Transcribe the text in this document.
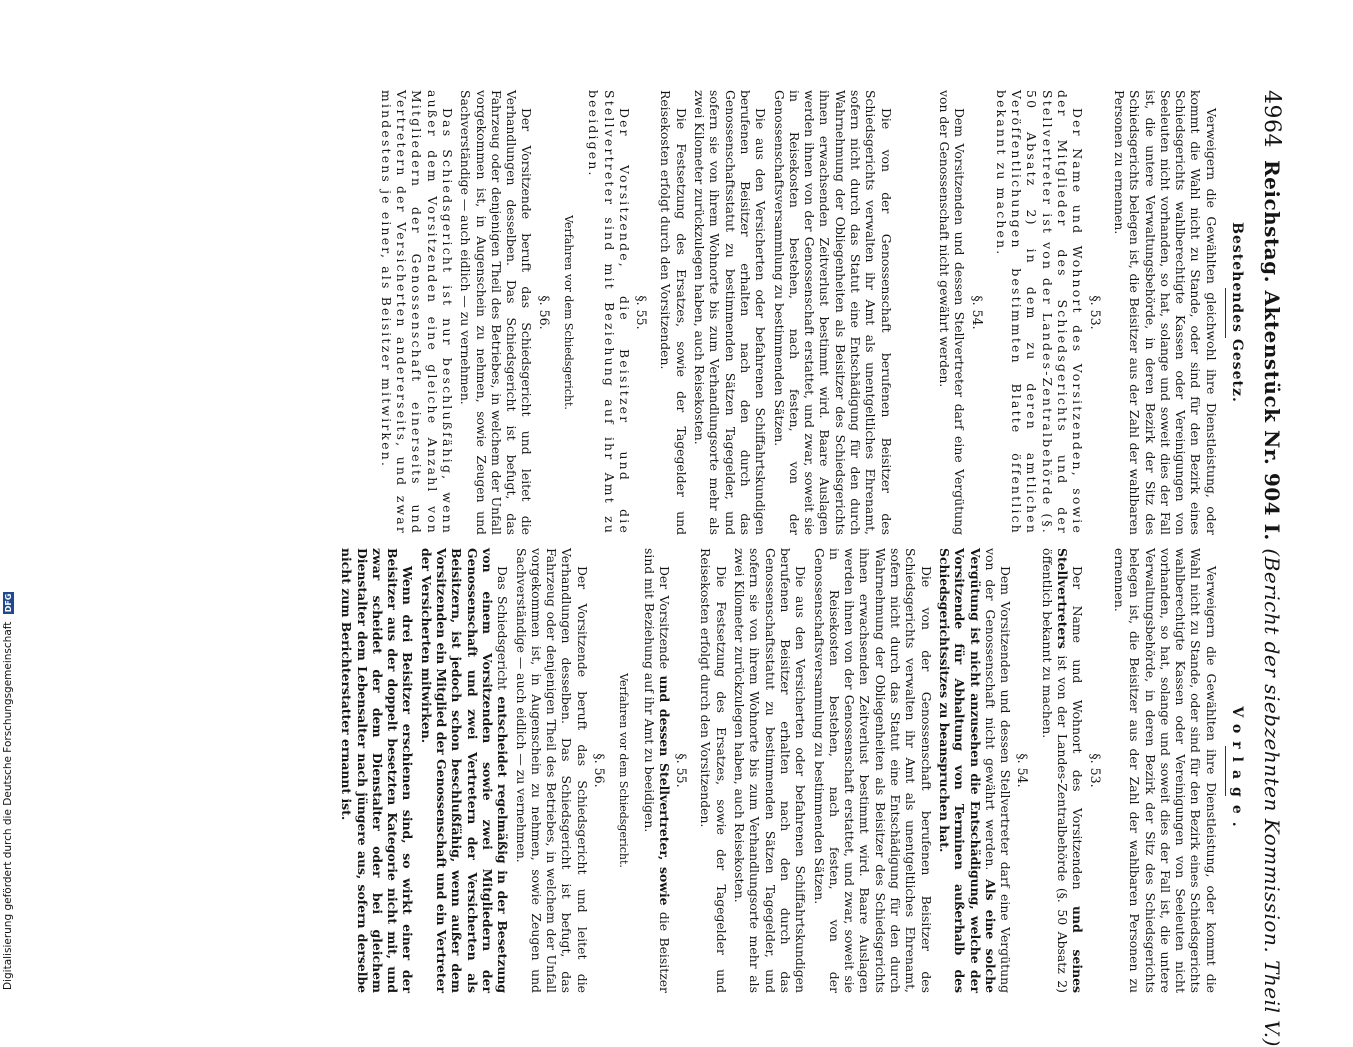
4964
Reichstag. Aktenstück Nr. 904 I. (Bericht der siebzehnten Kommission. Theil V.)
Bestehendes Gesetz.

Verweigern die Gewählten gleichwohl ihre Dienstleistung, oder kommt die Wahl nicht zu Stande, oder sind für den Bezirk eines Schiedsgerichts wahlberechtigte Kassen oder Vereinigungen von Seeleuten nicht vorhanden, so hat, solange und soweit dies der Fall ist, die untere Verwaltungsbehörde, in deren Bezirk der Sitz des Schiedsgerichts belegen ist, die Beisitzer aus der Zahl der wahlbaren Personen zu ernennen.

§. 53.

Der Name und Wohnort des Vorsitzenden, sowie der Mitglieder des Schiedsgerichts und der Stellvertreter ist von der Landes-Zentralbehörde (§. 50 Absatz 2) in dem zu deren amtlichen Veröffentlichungen bestimmten Blatte öffentlich bekannt zu machen.

§. 54.

Dem Vorsitzenden und dessen Stellvertreter darf eine Vergütung von der Genossenschaft nicht gewährt werden.

Die von der Genossenschaft berufenen Beisitzer des Schiedsgerichts verwalten ihr Amt als unentgeltliches Ehrenamt, sofern nicht durch das Statut eine Entschädigung für den durch Wahrnehmung der Obliegenheiten als Beisitzer des Schiedsgerichts ihnen erwachsenden Zeitverlust bestimmt wird. Baare Auslagen werden ihnen von der Genossenschaft erstattet, und zwar, soweit sie in Reisekosten bestehen, nach festen, von der Genossenschaftsversammlung zu bestimmenden Sätzen.

Die aus den Versicherten oder befahrenen Schiffahrtskundigen berufenen Beisitzer erhalten nach den durch das Genossenschaftsstatut zu bestimmenden Sätzen Tagegelder, und sofern sie von ihrem Wohnorte bis zum Verhandlungsorte mehr als zwei Kilometer zurückzulegen haben, auch Reisekosten.

Die Festsetzung des Ersatzes, sowie der Tagegelder und Reisekosten erfolgt durch den Vorsitzenden.

§. 55.

Der Vorsitzende, die Beisitzer und die Stellvertreter sind mit Beziehung auf ihr Amt zu beeidigen.

Verfahren vor dem Schiedsgericht.
§. 56.

Der Vorsitzende beruft das Schiedsgericht und leitet die Verhandlungen desselben. Das Schiedsgericht ist befugt, das Fahrzeug oder denjenigen Theil des Betriebes, in welchem der Unfall vorgekommen ist, in Augenschein zu nehmen, sowie Zeugen und Sachverständige — auch eidlich — zu vernehmen.

Das Schiedsgericht ist nur beschlußfähig, wenn außer dem Vorsitzenden eine gleiche Anzahl von Mitgliedern der Genossenschaft einerseits und Vertretern der Versicherten andererseits, und zwar mindestens je einer, als Beisitzer mitwirken.

Vorlage.

Verweigern die Gewählten ihre Dienstleistung, oder kommt die Wahl nicht zu Stande, oder sind für den Bezirk eines Schiedsgerichts wahlberechtigte Kassen oder Vereinigungen von Seeleuten nicht vorhanden, so hat, solange und soweit dies der Fall ist, die untere Verwaltungsbehörde, in deren Bezirk der Sitz des Schiedsgerichts belegen ist, die Beisitzer aus der Zahl der wahlbaren Personen zu ernennen.

§. 53.

Der Name und Wohnort des Vorsitzenden und seines Stellvertreters ist von der Landes-Zentralbehörde (§. 50 Absatz 2) öffentlich bekannt zu machen.

§. 54.

Dem Vorsitzenden und dessen Stellvertreter darf eine Vergütung von der Genossenschaft nicht gewährt werden. Als eine solche Vergütung ist nicht anzusehen die Entschädigung, welche der Vorsitzende für Abhaltung von Terminen außerhalb des Schiedsgerichtssitzes zu beanspruchen hat.

Die von der Genossenschaft berufenen Beisitzer des Schiedsgerichts verwalten ihr Amt als unentgeltliches Ehrenamt, sofern nicht durch das Statut eine Entschädigung für den durch Wahrnehmung der Obliegenheiten als Beisitzer des Schiedsgerichts ihnen erwachsenden Zeitverlust bestimmt wird. Baare Auslagen werden ihnen von der Genossenschaft erstattet, und zwar, soweit sie in Reisekosten bestehen, nach festen, von der Genossenschaftsversammlung zu bestimmenden Sätzen.

Die aus den Versicherten oder befahrenen Schiffahrtskundigen berufenen Beisitzer erhalten nach den durch das Genossenschaftsstatut zu bestimmenden Sätzen Tagegelder, und sofern sie von ihrem Wohnorte bis zum Verhandlungsorte mehr als zwei Kilometer zurückzulegen haben, auch Reisekosten.

Die Festsetzung des Ersatzes, sowie der Tagegelder und Reisekosten erfolgt durch den Vorsitzenden.

§. 55.

Der Vorsitzende und dessen Stellvertreter, sowie die Beisitzer sind mit Beziehung auf ihr Amt zu beeidigen.

Verfahren vor dem Schiedsgericht.
§. 56.

Der Vorsitzende beruft das Schiedsgericht und leitet die Verhandlungen desselben. Das Schiedsgericht ist befugt, das Fahrzeug oder denjenigen Theil des Betriebes, in welchem der Unfall vorgekommen ist, in Augenschein zu nehmen, sowie Zeugen und Sachverständige — auch eidlich — zu vernehmen.

Das Schiedsgericht entscheidet regelmäßig in der Besetzung von einem Vorsitzenden sowie zwei Mitgliedern der Genossenschaft und zwei Vertretern der Versicherten als Beisitzern, ist jedoch schon beschlußfähig, wenn außer dem Vorsitzenden ein Mitglied der Genossenschaft und ein Vertreter der Versicherten mitwirken.

Wenn drei Beisitzer erschienen sind, so wirkt einer der Beisitzer aus der doppelt besetzten Kategorie nicht mit, und zwar scheidet der dem Dienstalter oder bei gleichem Dienstalter dem Lebensalter nach jüngere aus, sofern derselbe nicht zum Berichterstatter ernannt ist.

Digitalisierung gefördert durch die Deutsche Forschungsgemeinschaft DFG
